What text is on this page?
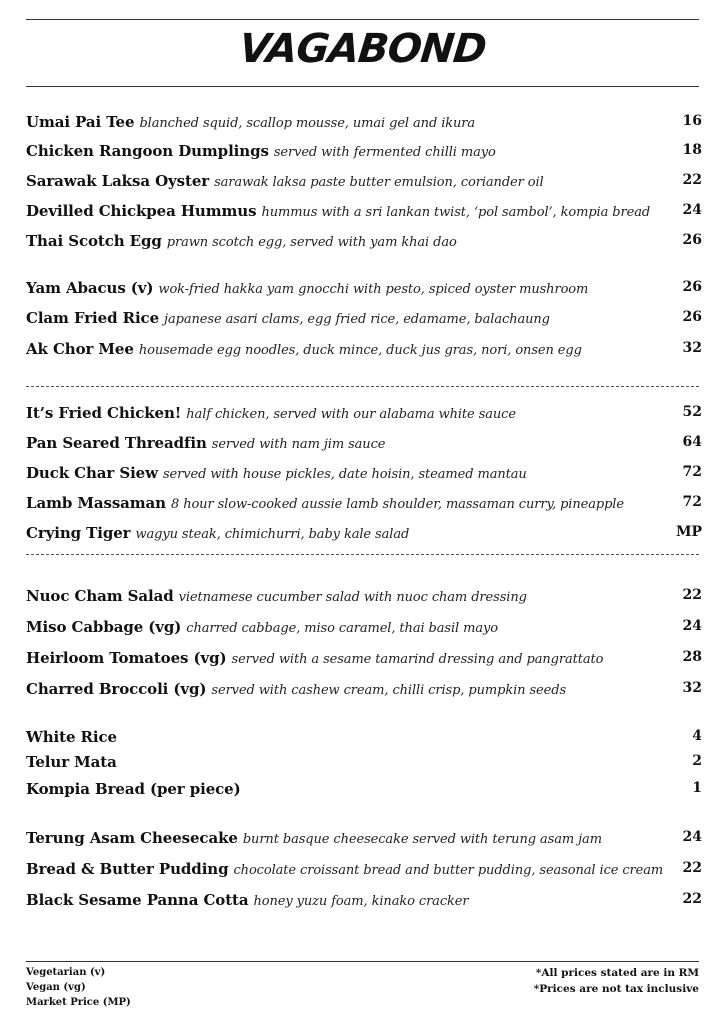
VAGABOND
Umai Pai Tee blanched squid, scallop mousse, umai gel and ikura	16
Chicken Rangoon Dumplings served with fermented chilli mayo	18
Sarawak Laksa Oyster sarawak laksa paste butter emulsion, coriander oil	22
Devilled Chickpea Hummus hummus with a sri lankan twist, ‘pol sambol’, kompia bread 24
Thai Scotch Egg prawn scotch egg, served with yam khai dao	26
Yam Abacus (v) wok-fried hakka yam gnocchi with pesto, spiced oyster mushroom	26
Clam Fried Rice japanese asari clams, egg fried rice, edamame, balachaung	26
Ak Chor Mee housemade egg noodles, duck mince, duck jus gras, nori, onsen egg	32
It’s Fried Chicken! half chicken, served with our alabama white sauce	52
Pan Seared Threadfin served with nam jim sauce	64
Duck Char Siew served with house pickles, date hoisin, steamed mantau	72
Lamb Massaman 8 hour slow-cooked aussie lamb shoulder, massaman curry, pineapple	72
Crying Tiger wagyu steak, chimichurri, baby kale salad	MP
Nuoc Cham Salad vietnamese cucumber salad with nuoc cham dressing	22
Miso Cabbage (vg) charred cabbage, miso caramel, thai basil mayo	24
Heirloom Tomatoes (vg) served with a sesame tamarind dressing and pangrattato	28
Charred Broccoli (vg) served with cashew cream, chilli crisp, pumpkin seeds	32
White Rice	4
Telur Mata	2
Kompia Bread (per piece)	1
Terung Asam Cheesecake burnt basque cheesecake served with terung asam jam	24
Bread & Butter Pudding chocolate croissant bread and butter pudding, seasonal ice cream 22
Black Sesame Panna Cotta honey yuzu foam, kinako cracker	22
Vegetarian (v)
Vegan (vg)
Market Price (MP)
*All prices stated are in RM
*Prices are not tax inclusive
